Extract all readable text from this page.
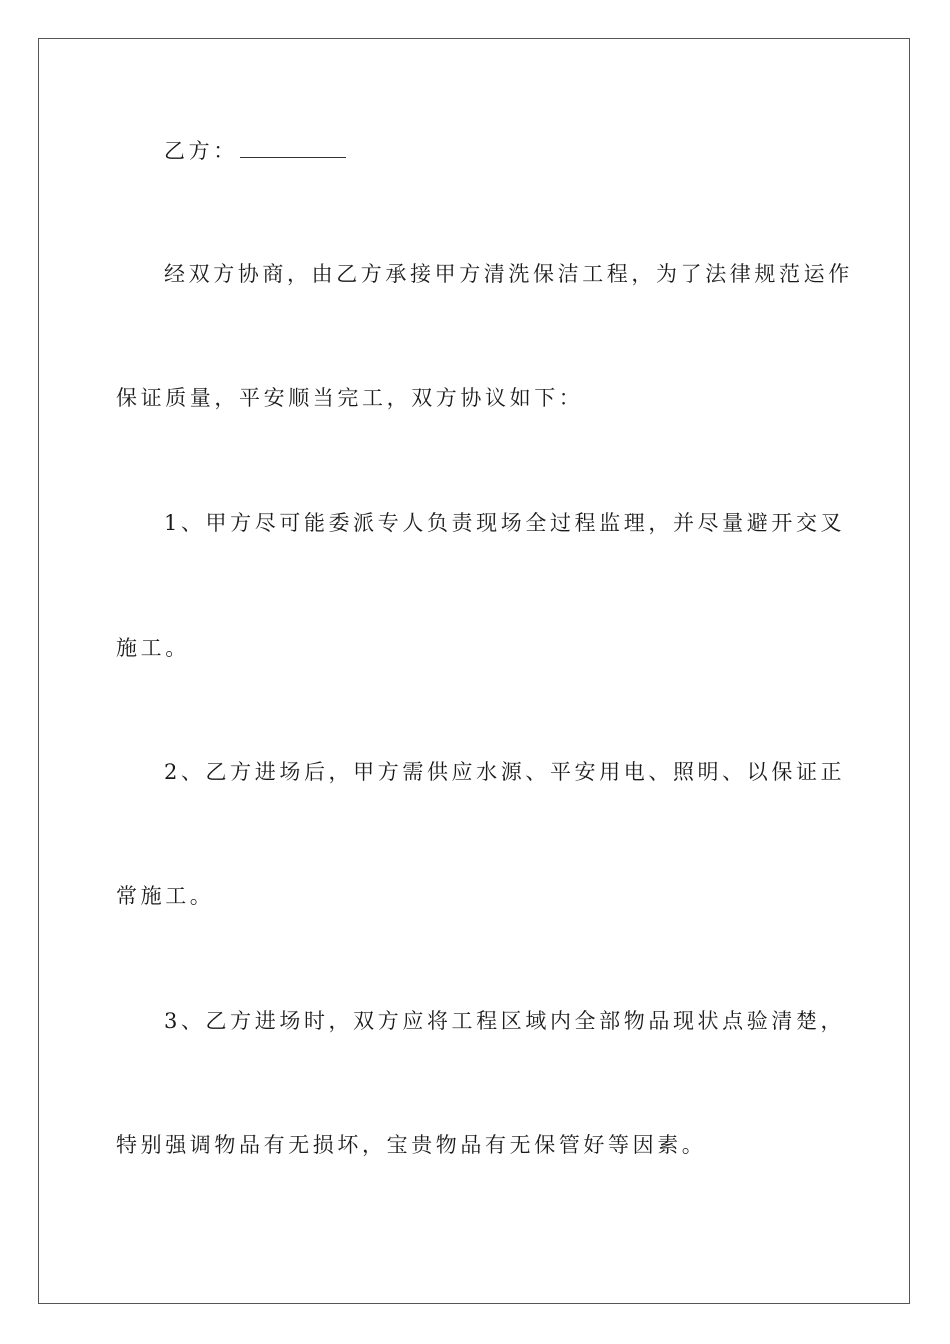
乙方：
经双方协商，由乙方承接甲方清洗保洁工程，为了法律规范运作
保证质量，平安顺当完工，双方协议如下：
1、甲方尽可能委派专人负责现场全过程监理，并尽量避开交叉
施工。
2、乙方进场后，甲方需供应水源、平安用电、照明、以保证正
常施工。
3、乙方进场时，双方应将工程区域内全部物品现状点验清楚，
特别强调物品有无损坏，宝贵物品有无保管好等因素。
